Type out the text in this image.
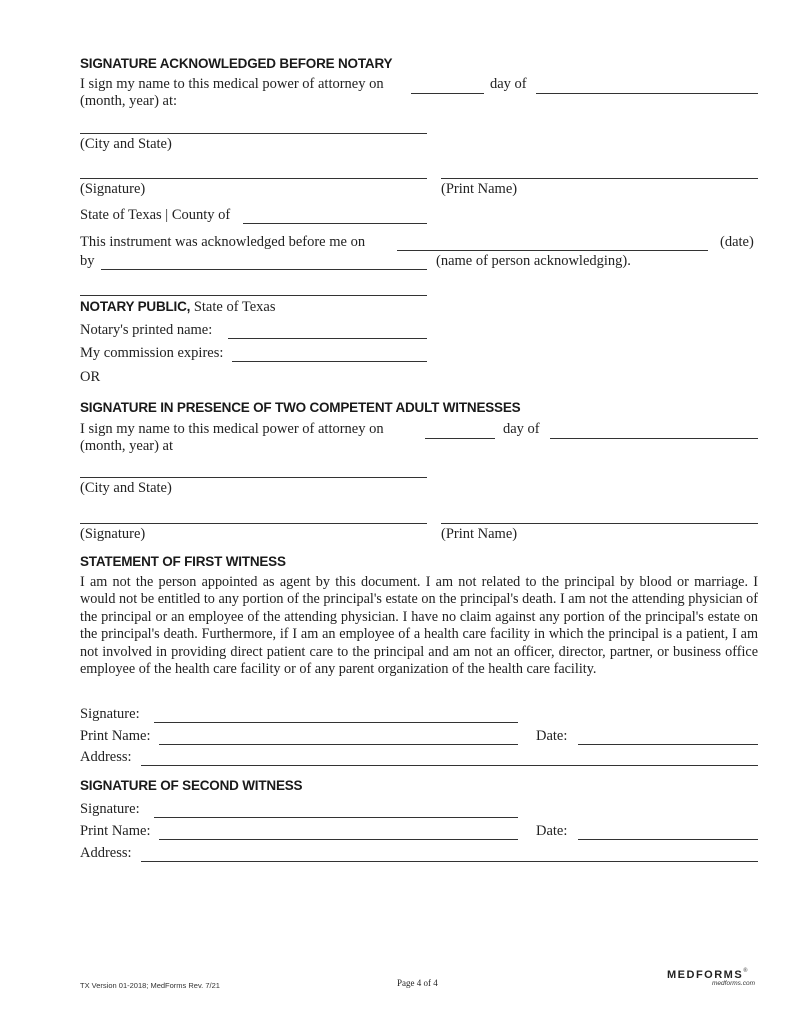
SIGNATURE ACKNOWLEDGED BEFORE NOTARY
I sign my name to this medical power of attorney on	day of
(month, year) at:
(City and State)
(Signature)	(Print Name)
State of Texas | County of
This instrument was acknowledged before me on	(date)
by	(name of person acknowledging).
NOTARY PUBLIC, State of Texas
Notary's printed name:
My commission expires:
OR
SIGNATURE IN PRESENCE OF TWO COMPETENT ADULT WITNESSES
I sign my name to this medical power of attorney on	day of
(month, year) at
(City and State)
(Signature)	(Print Name)
STATEMENT OF FIRST WITNESS
I am not the person appointed as agent by this document. I am not related to the principal by blood or marriage. I would not be entitled to any portion of the principal's estate on the principal's death. I am not the attending physician of the principal or an employee of the attending physician. I have no claim against any portion of the principal's estate on the principal's death. Furthermore, if I am an employee of a health care facility in which the principal is a patient, I am not involved in providing direct patient care to the principal and am not an officer, director, partner, or business office employee of the health care facility or of any parent organization of the health care facility.
Signature:
Print Name:	Date:
Address:
SIGNATURE OF SECOND WITNESS
Signature:
Print Name:	Date:
Address:
TX Version 01-2018; MedForms Rev. 7/21	Page 4 of 4
MEDFORMS®
medforms.com
